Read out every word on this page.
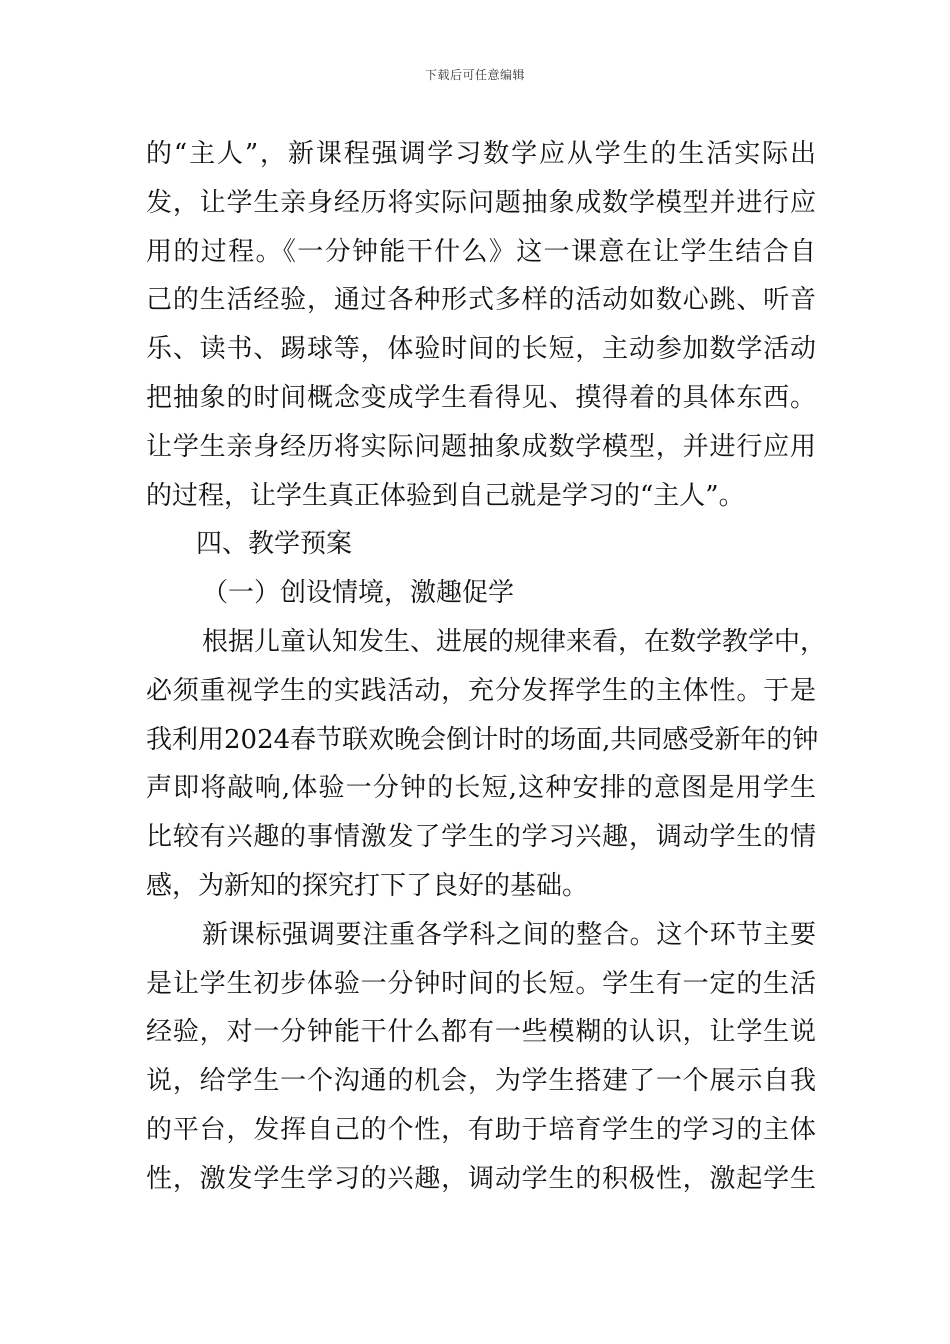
下载后可任意编辑
的“主人”，新课程强调学习数学应从学生的生活实际出
发，让学生亲身经历将实际问题抽象成数学模型并进行应
用的过程。《一分钟能干什么》这一课意在让学生结合自
己的生活经验，通过各种形式多样的活动如数心跳、听音
乐、读书、踢球等，体验时间的长短，主动参加数学活动
把抽象的时间概念变成学生看得见、摸得着的具体东西。
让学生亲身经历将实际问题抽象成数学模型，并进行应用
的过程，让学生真正体验到自己就是学习的“主人”。
四、教学预案
（一）创设情境，激趣促学
根据儿童认知发生、进展的规律来看，在数学教学中，
必须重视学生的实践活动，充分发挥学生的主体性。于是
我利用2024春节联欢晚会倒计时的场面,共同感受新年的钟
声即将敲响,体验一分钟的长短,这种安排的意图是用学生
比较有兴趣的事情激发了学生的学习兴趣，调动学生的情
感，为新知的探究打下了良好的基础。
新课标强调要注重各学科之间的整合。这个环节主要
是让学生初步体验一分钟时间的长短。学生有一定的生活
经验，对一分钟能干什么都有一些模糊的认识，让学生说
说，给学生一个沟通的机会，为学生搭建了一个展示自我
的平台，发挥自己的个性，有助于培育学生的学习的主体
性，激发学生学习的兴趣，调动学生的积极性，激起学生
